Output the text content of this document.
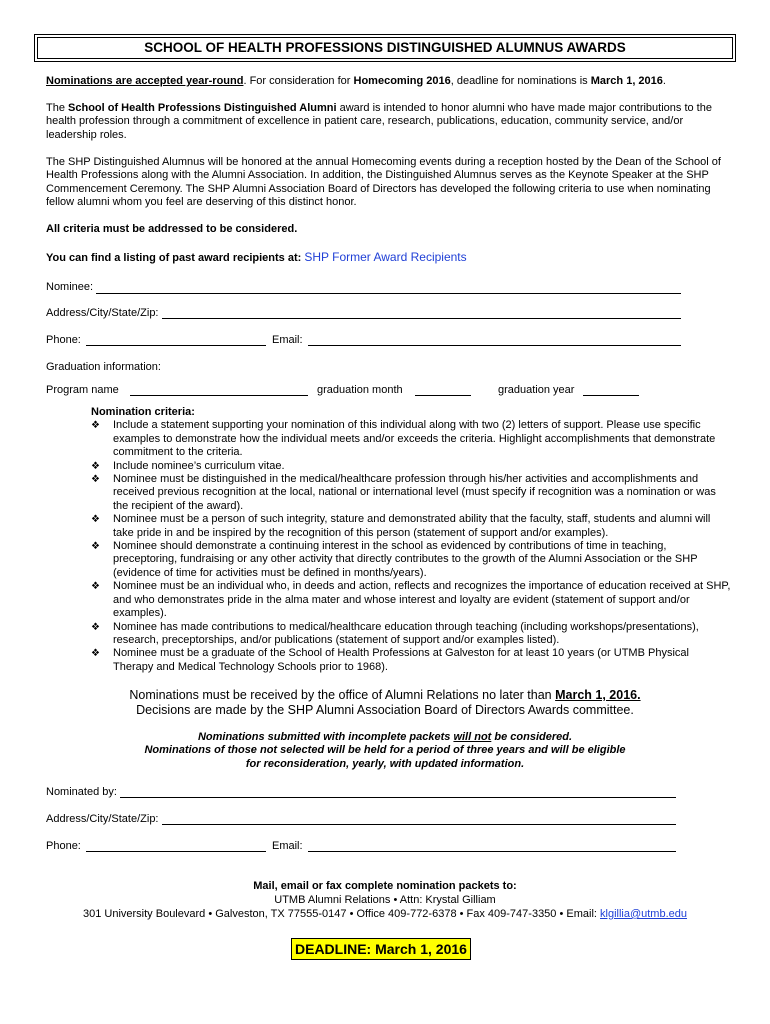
SCHOOL OF HEALTH PROFESSIONS DISTINGUISHED ALUMNUS AWARDS
Nominations are accepted year-round. For consideration for Homecoming 2016, deadline for nominations is March 1, 2016.
The School of Health Professions Distinguished Alumni award is intended to honor alumni who have made major contributions to the health profession through a commitment of excellence in patient care, research, publications, education, community service, and/or leadership roles.
The SHP Distinguished Alumnus will be honored at the annual Homecoming events during a reception hosted by the Dean of the School of Health Professions along with the Alumni Association. In addition, the Distinguished Alumnus serves as the Keynote Speaker at the SHP Commencement Ceremony. The SHP Alumni Association Board of Directors has developed the following criteria to use when nominating fellow alumni whom you feel are deserving of this distinct honor.
All criteria must be addressed to be considered.
You can find a listing of past award recipients at: SHP Former Award Recipients
Nominee:
Address/City/State/Zip:
Phone:	Email:
Graduation information:
Program name	graduation month	graduation year
Nomination criteria:
❖ Include a statement supporting your nomination of this individual along with two (2) letters of support. Please use specific examples to demonstrate how the individual meets and/or exceeds the criteria. Highlight accomplishments that demonstrate commitment to the criteria.
❖ Include nominee’s curriculum vitae.
❖ Nominee must be distinguished in the medical/healthcare profession through his/her activities and accomplishments and received previous recognition at the local, national or international level (must specify if recognition was a nomination or was the recipient of the award).
❖ Nominee must be a person of such integrity, stature and demonstrated ability that the faculty, staff, students and alumni will take pride in and be inspired by the recognition of this person (statement of support and/or examples).
❖ Nominee should demonstrate a continuing interest in the school as evidenced by contributions of time in teaching, preceptoring, fundraising or any other activity that directly contributes to the growth of the Alumni Association or the SHP (evidence of time for activities must be defined in months/years).
❖ Nominee must be an individual who, in deeds and action, reflects and recognizes the importance of education received at SHP, and who demonstrates pride in the alma mater and whose interest and loyalty are evident (statement of support and/or examples).
❖ Nominee has made contributions to medical/healthcare education through teaching (including workshops/presentations), research, preceptorships, and/or publications (statement of support and/or examples listed).
❖ Nominee must be a graduate of the School of Health Professions at Galveston for at least 10 years (or UTMB Physical Therapy and Medical Technology Schools prior to 1968).
Nominations must be received by the office of Alumni Relations no later than March 1, 2016.
Decisions are made by the SHP Alumni Association Board of Directors Awards committee.
Nominations submitted with incomplete packets will not be considered.
Nominations of those not selected will be held for a period of three years and will be eligible
for reconsideration, yearly, with updated information.
Nominated by:
Address/City/State/Zip:
Phone:	Email:
Mail, email or fax complete nomination packets to:
UTMB Alumni Relations • Attn: Krystal Gilliam
301 University Boulevard • Galveston, TX 77555-0147 • Office 409-772-6378 • Fax 409-747-3350 • Email: klgillia@utmb.edu
DEADLINE: March 1, 2016
